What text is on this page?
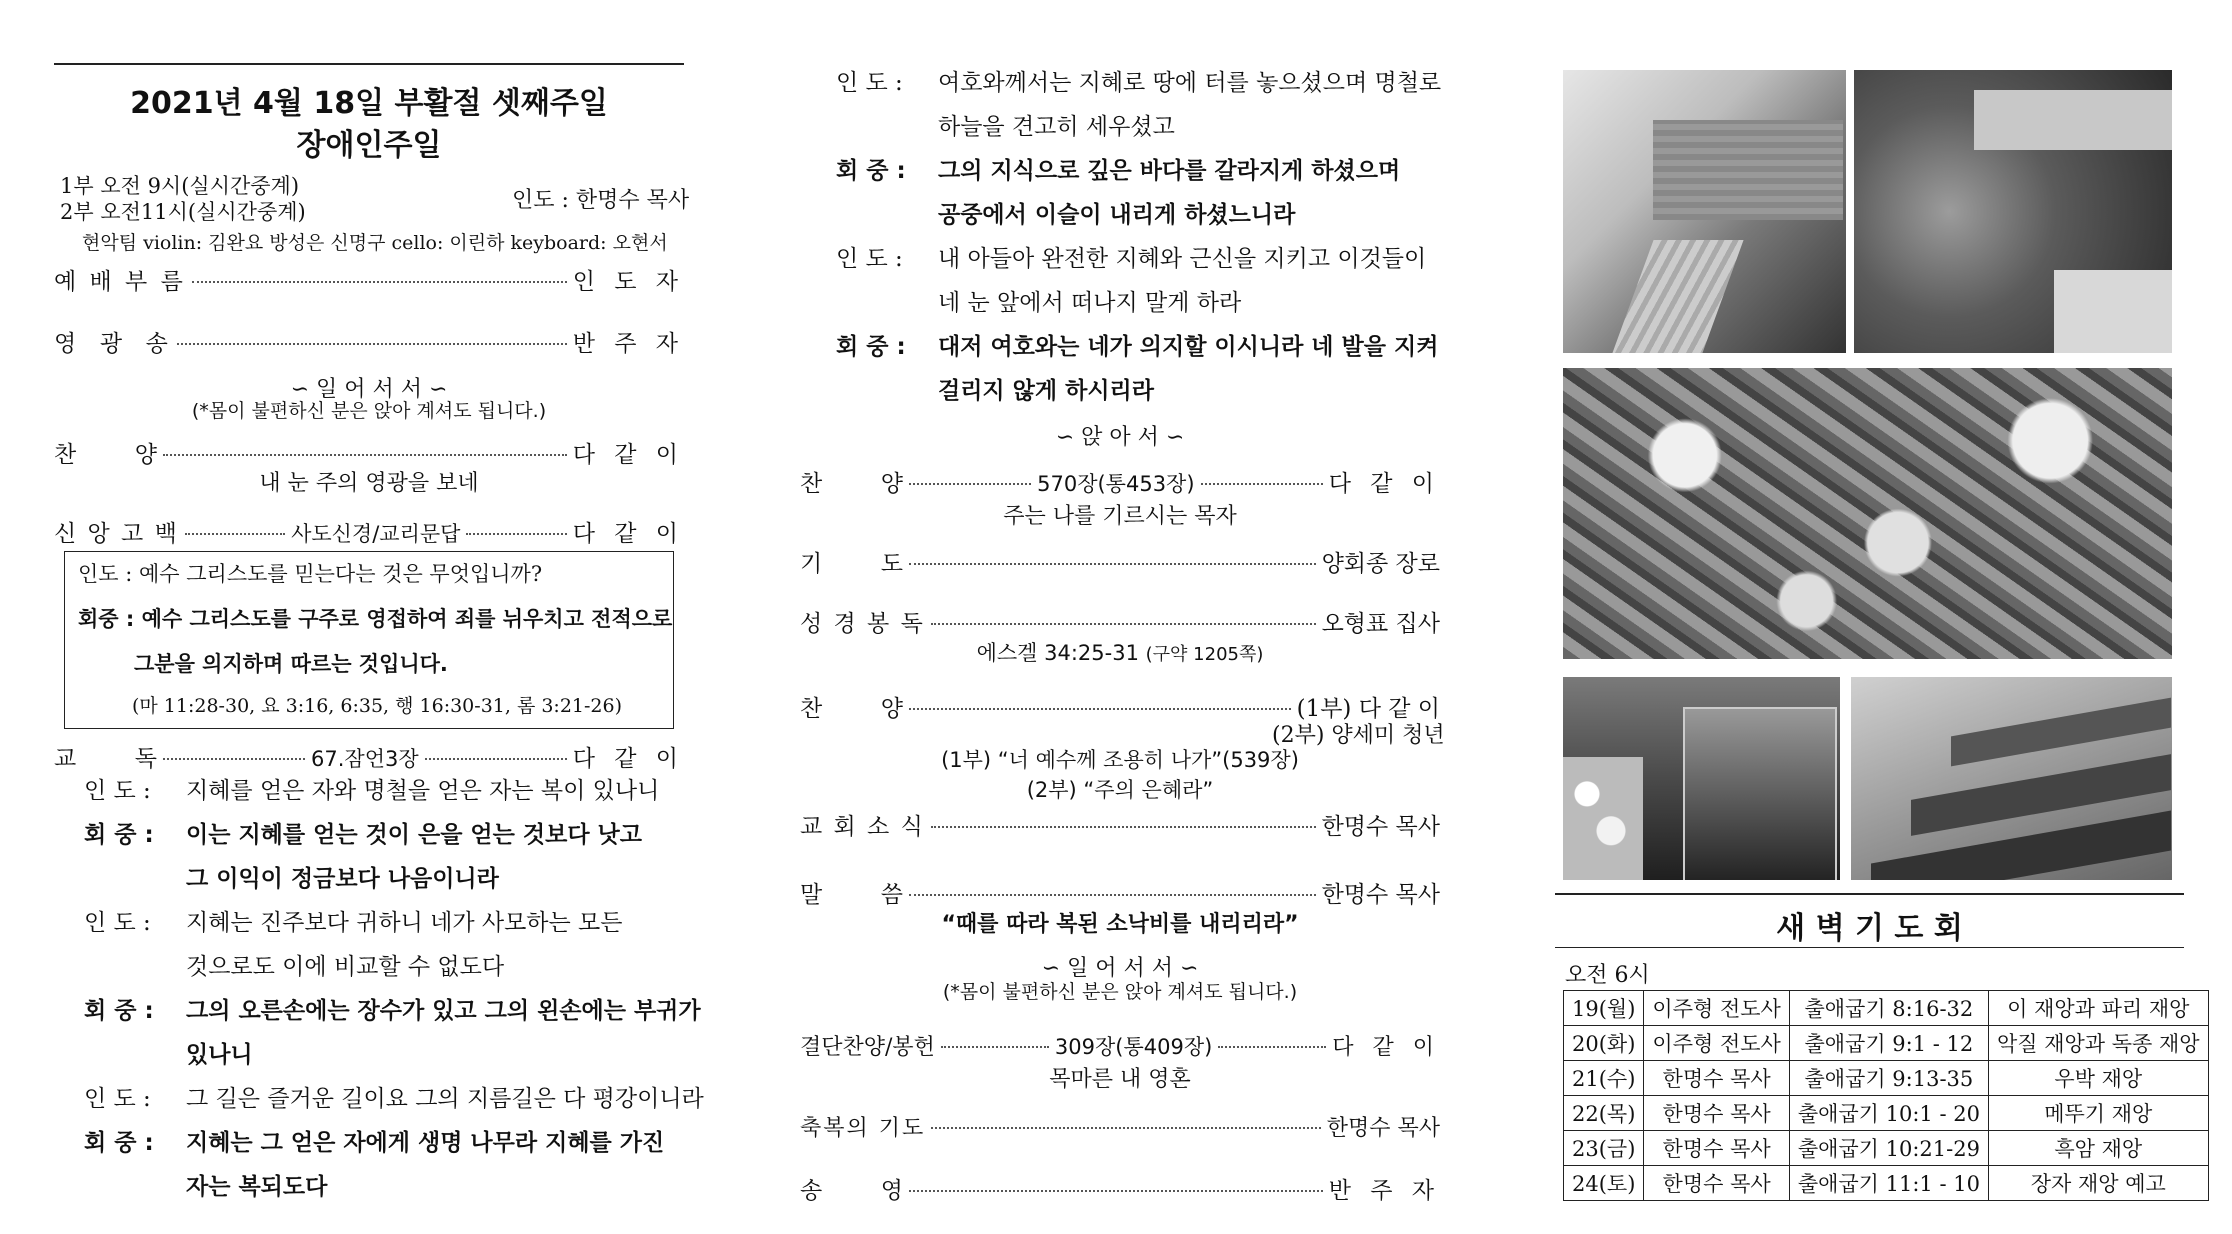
2021년 4월 18일 부활절 셋째주일
장애인주일
1부 오전 9시(실시간중계)
2부 오전11시(실시간중계)	인도 : 한명수 목사
현악팀 violin: 김완요 방성은 신명구 cello: 이린하 keyboard: 오현서
예 배 부 름	인 도 자
영  광  송	반 주 자
∽ 일 어 서 서 ∽
(*몸이 불편하신 분은 앉아 계셔도 됩니다.)
찬        양	다 같 이
내 눈 주의 영광을 보네
신 앙 고 백	사도신경/교리문답	다 같 이
인도 : 예수 그리스도를 믿는다는 것은 무엇입니까?
회중 : 예수 그리스도를 구주로 영접하여 죄를 뉘우치고 전적으로
그분을 의지하며 따르는 것입니다.
(마 11:28-30, 요 3:16, 6:35, 행 16:30-31, 롬 3:21-26)
교        독	67.잠언3장	다 같 이
인 도 : 지혜를 얻은 자와 명철을 얻은 자는 복이 있나니
회 중 : 이는 지혜를 얻는 것이 은을 얻는 것보다 낫고
그 이익이 정금보다 나음이니라
인 도 : 지혜는 진주보다 귀하니 네가 사모하는 모든
것으로도 이에 비교할 수 없도다
회 중 : 그의 오른손에는 장수가 있고 그의 왼손에는 부귀가
있나니
인 도 : 그 길은 즐거운 길이요 그의 지름길은 다 평강이니라
회 중 : 지혜는 그 얻은 자에게 생명 나무라 지혜를 가진
자는 복되도다
인 도 : 여호와께서는 지혜로 땅에 터를 놓으셨으며 명철로
하늘을 견고히 세우셨고
회 중 : 그의 지식으로 깊은 바다를 갈라지게 하셨으며
공중에서 이슬이 내리게 하셨느니라
인 도 : 내 아들아 완전한 지혜와 근신을 지키고 이것들이
네 눈 앞에서 떠나지 말게 하라
회 중 : 대저 여호와는 네가 의지할 이시니라 네 발을 지켜
걸리지 않게 하시리라
∽ 앉 아 서 ∽
찬        양	570장(통453장)	다 같 이
주는 나를 기르시는 목자
기        도	양회종 장로
성 경 봉 독	오형표 집사
에스겔 34:25-31 (구약 1205쪽)
찬        양	(1부) 다 같 이
(2부) 양세미 청년
(1부) “너 예수께 조용히 나가”(539장)
(2부) “주의 은혜라”
교 회 소 식	한명수 목사
말        씀	한명수 목사
“때를 따라 복된 소낙비를 내리리라”
∽ 일 어 서 서 ∽
(*몸이 불편하신 분은 앉아 계셔도 됩니다.)
결단찬양/봉헌	309장(통409장)	다 같 이
목마른 내 영혼
축복의 기도	한명수 목사
송        영	반 주 자
새 벽 기 도 회
오전 6시
19(월)	이주형 전도사	출애굽기 8:16-32	이 재앙과 파리 재앙
20(화)	이주형 전도사	출애굽기 9:1 - 12	악질 재앙과 독종 재앙
21(수)	한명수 목사	출애굽기 9:13-35	우박 재앙
22(목)	한명수 목사	출애굽기 10:1 - 20	메뚜기 재앙
23(금)	한명수 목사	출애굽기 10:21-29	흑암 재앙
24(토)	한명수 목사	출애굽기 11:1 - 10	장자 재앙 예고
